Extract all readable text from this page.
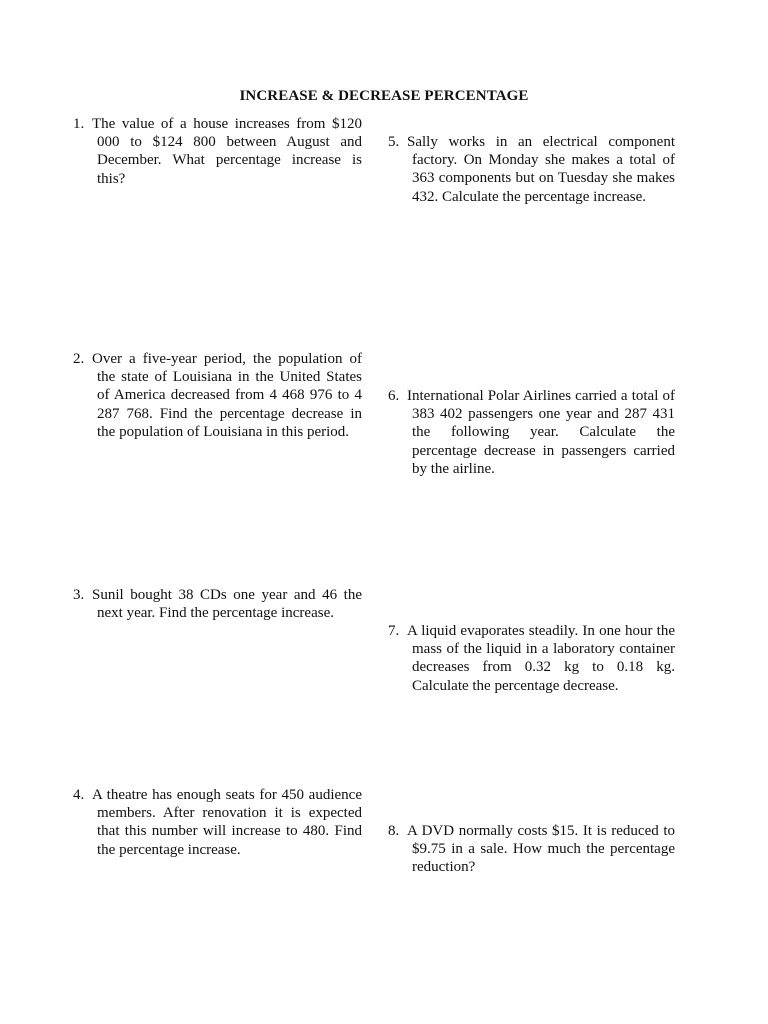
INCREASE & DECREASE PERCENTAGE
1. The value of a house increases from $120 000 to $124 800 between August and December. What percentage increase is this?
2. Over a five-year period, the population of the state of Louisiana in the United States of America decreased from 4 468 976 to 4 287 768. Find the percentage decrease in the population of Louisiana in this period.
3. Sunil bought 38 CDs one year and 46 the next year. Find the percentage increase.
4. A theatre has enough seats for 450 audience members. After renovation it is expected that this number will increase to 480. Find the percentage increase.
5. Sally works in an electrical component factory. On Monday she makes a total of 363 components but on Tuesday she makes 432. Calculate the percentage increase.
6. International Polar Airlines carried a total of 383 402 passengers one year and 287 431 the following year. Calculate the percentage decrease in passengers carried by the airline.
7. A liquid evaporates steadily. In one hour the mass of the liquid in a laboratory container decreases from 0.32 kg to 0.18 kg. Calculate the percentage decrease.
8. A DVD normally costs $15. It is reduced to $9.75 in a sale. How much the percentage reduction?
